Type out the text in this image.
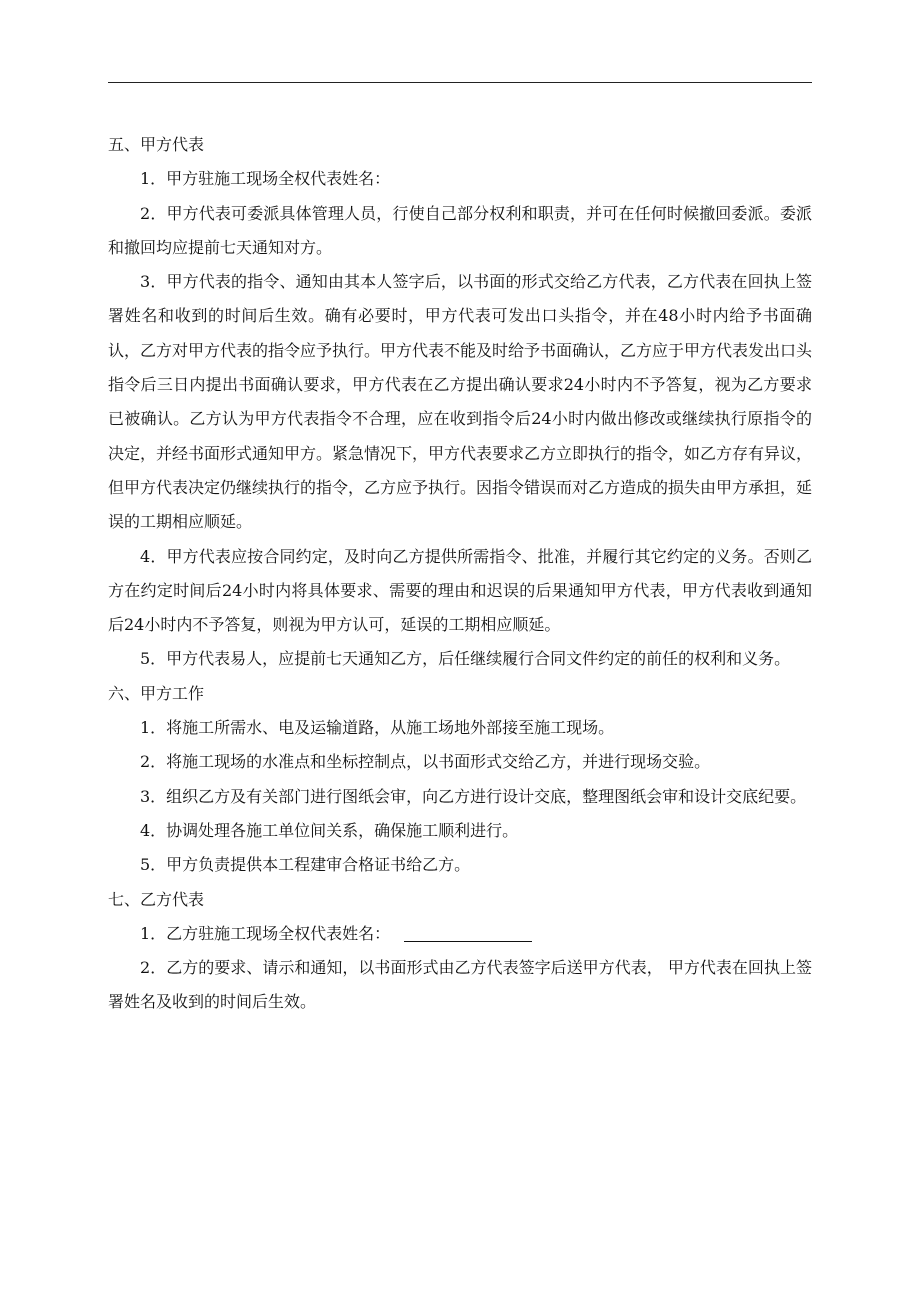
五、甲方代表

1．甲方驻施工现场全权代表姓名：

2．甲方代表可委派具体管理人员，行使自己部分权利和职责，并可在任何时候撤回委派。委派和撤回均应提前七天通知对方。

3．甲方代表的指令、通知由其本人签字后，以书面的形式交给乙方代表，乙方代表在回执上签署姓名和收到的时间后生效。确有必要时，甲方代表可发出口头指令，并在48小时内给予书面确认，乙方对甲方代表的指令应予执行。甲方代表不能及时给予书面确认，乙方应于甲方代表发出口头指令后三日内提出书面确认要求，甲方代表在乙方提出确认要求24小时内不予答复，视为乙方要求已被确认。乙方认为甲方代表指令不合理，应在收到指令后24小时内做出修改或继续执行原指令的决定，并经书面形式通知甲方。紧急情况下，甲方代表要求乙方立即执行的指令，如乙方存有异议，但甲方代表决定仍继续执行的指令，乙方应予执行。因指令错误而对乙方造成的损失由甲方承担，延误的工期相应顺延。

4．甲方代表应按合同约定，及时向乙方提供所需指令、批准，并履行其它约定的义务。否则乙方在约定时间后24小时内将具体要求、需要的理由和迟误的后果通知甲方代表，甲方代表收到通知后24小时内不予答复，则视为甲方认可，延误的工期相应顺延。

5．甲方代表易人，应提前七天通知乙方，后任继续履行合同文件约定的前任的权利和义务。

六、甲方工作

1．将施工所需水、电及运输道路，从施工场地外部接至施工现场。

2．将施工现场的水准点和坐标控制点，以书面形式交给乙方，并进行现场交验。

3．组织乙方及有关部门进行图纸会审，向乙方进行设计交底，整理图纸会审和设计交底纪要。

4．协调处理各施工单位间关系，确保施工顺利进行。

5．甲方负责提供本工程建审合格证书给乙方。

七、乙方代表

1．乙方驻施工现场全权代表姓名：

2．乙方的要求、请示和通知，以书面形式由乙方代表签字后送甲方代表， 甲方代表在回执上签署姓名及收到的时间后生效。
